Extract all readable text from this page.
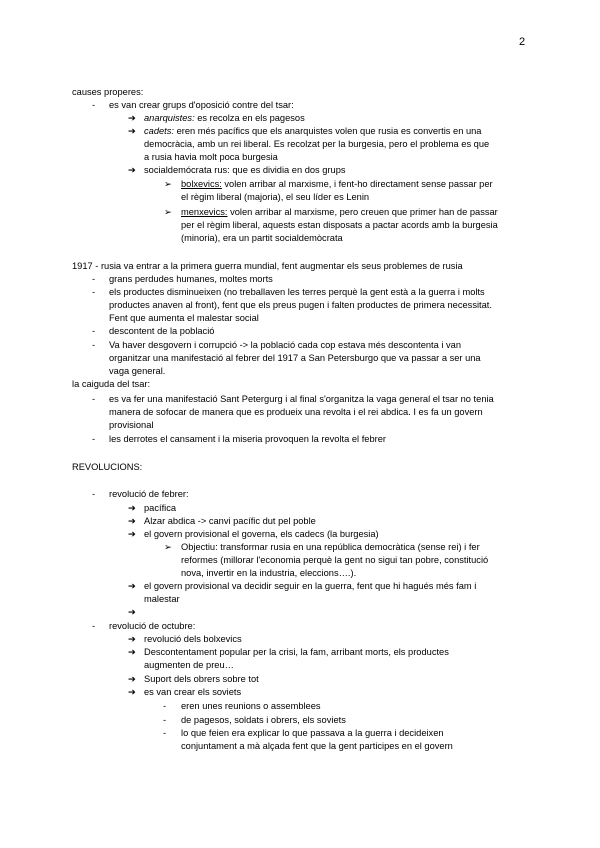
2
causes properes:
- es van crear grups d'oposició contre del tsar:
➔ anarquistes: es recolza en els pagesos
➔ cadets: eren més pacífics que els anarquistes volen que rusia es convertis en una
democràcia, amb un rei liberal. Es recolzat per la burgesia, pero el problema es que
a rusia havia molt poca burgesia
➔ socialdemócrata rus: que es dividia en dos grups
➢ bolxevics: volen arribar al marxisme, i fent-ho directament sense passar per
el règim liberal (majoria), el seu líder es Lenin
➢ menxevics: volen arribar al marxisme, pero creuen que primer han de passar
per el règim liberal, aquests estan disposats a pactar acords amb la burgesia
(minoria), era un partit socialdemòcrata
1917 - rusia va entrar a la primera guerra mundial, fent augmentar els seus problemes de rusia
- grans perdudes humanes, moltes morts
- els productes disminueixen (no treballaven les terres perquè la gent està a la guerra i molts
productes anaven al front), fent que els preus pugen i falten productes de primera necessitat.
Fent que aumenta el malestar social
- descontent de la població
- Va haver desgovern i corrupció -> la població cada cop estava més descontenta i van
organitzar una manifestació al febrer del 1917 a San Petersburgo que va passar a ser una
vaga general.
la caiguda del tsar:
- es va fer una manifestació Sant Petergurg i al final s'organitza la vaga general el tsar no tenia
manera de sofocar de manera que es produeix una revolta i el rei abdica. I es fa un govern
provisional
- les derrotes el cansament i la miseria provoquen la revolta el febrer
REVOLUCIONS:
- revolució de febrer:
➔ pacífica
➔ Alzar abdica -> canvi pacífic dut pel poble
➔ el govern provisional el governa, els cadecs (la burgesia)
➢ Objectiu: transformar rusia en una república democràtica (sense rei) i fer
reformes (millorar l'economia perquè la gent no sigui tan pobre, constitució
nova, invertir en la industria, eleccions….).
➔ el govern provisional va decidir seguir en la guerra, fent que hi hagués més fam i
malestar
➔
- revolució de octubre:
➔ revolució dels bolxevics
➔ Descontentament popular per la crisi, la fam, arribant morts, els productes
augmenten de preu…
➔ Suport dels obrers sobre tot
➔ es van crear els soviets
- eren unes reunions o assemblees
- de pagesos, soldats i obrers, els soviets
- lo que feien era explicar lo que passava a la guerra i decideixen
conjuntament a mà alçada fent que la gent participes en el govern
